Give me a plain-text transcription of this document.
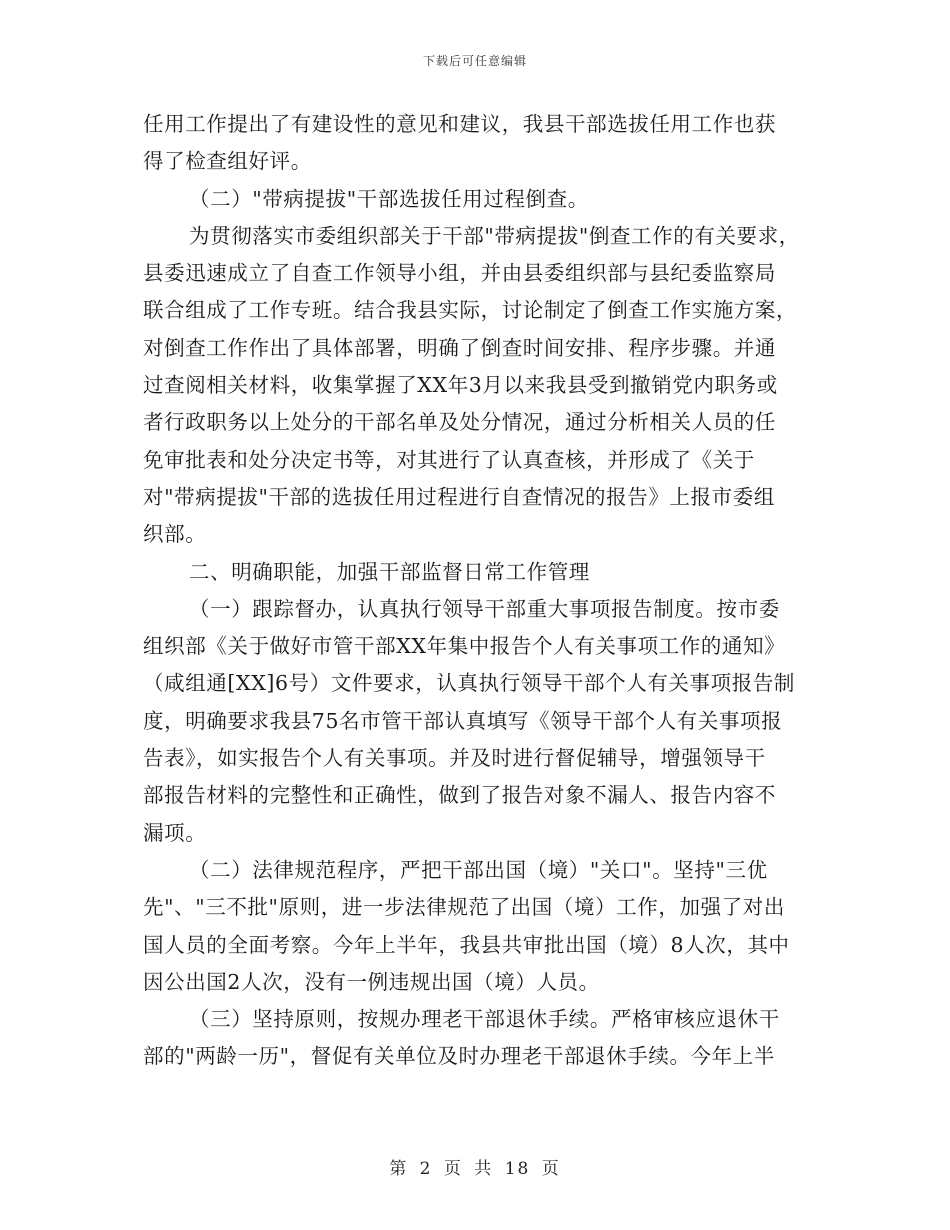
下载后可任意编辑
任用工作提出了有建设性的意见和建议，我县干部选拔任用工作也获
得了检查组好评。
（二）"带病提拔"干部选拔任用过程倒查。
为贯彻落实市委组织部关于干部"带病提拔"倒查工作的有关要求，
县委迅速成立了自查工作领导小组，并由县委组织部与县纪委监察局
联合组成了工作专班。结合我县实际，讨论制定了倒查工作实施方案，
对倒查工作作出了具体部署，明确了倒查时间安排、程序步骤。并通
过查阅相关材料，收集掌握了XX年3月以来我县受到撤销党内职务或
者行政职务以上处分的干部名单及处分情况，通过分析相关人员的任
免审批表和处分决定书等，对其进行了认真查核，并形成了《关于
对"带病提拔"干部的选拔任用过程进行自查情况的报告》上报市委组
织部。
二、明确职能，加强干部监督日常工作管理
（一）跟踪督办，认真执行领导干部重大事项报告制度。按市委
组织部《关于做好市管干部XX年集中报告个人有关事项工作的通知》
（咸组通[XX]6号）文件要求，认真执行领导干部个人有关事项报告制
度，明确要求我县75名市管干部认真填写《领导干部个人有关事项报
告表》，如实报告个人有关事项。并及时进行督促辅导，增强领导干
部报告材料的完整性和正确性，做到了报告对象不漏人、报告内容不
漏项。
（二）法律规范程序，严把干部出国（境）"关口"。坚持"三优
先"、"三不批"原则，进一步法律规范了出国（境）工作，加强了对出
国人员的全面考察。今年上半年，我县共审批出国（境）8人次，其中
因公出国2人次，没有一例违规出国（境）人员。
（三）坚持原则，按规办理老干部退休手续。严格审核应退休干
部的"两龄一历"，督促有关单位及时办理老干部退休手续。今年上半
第 2 页 共 18 页
